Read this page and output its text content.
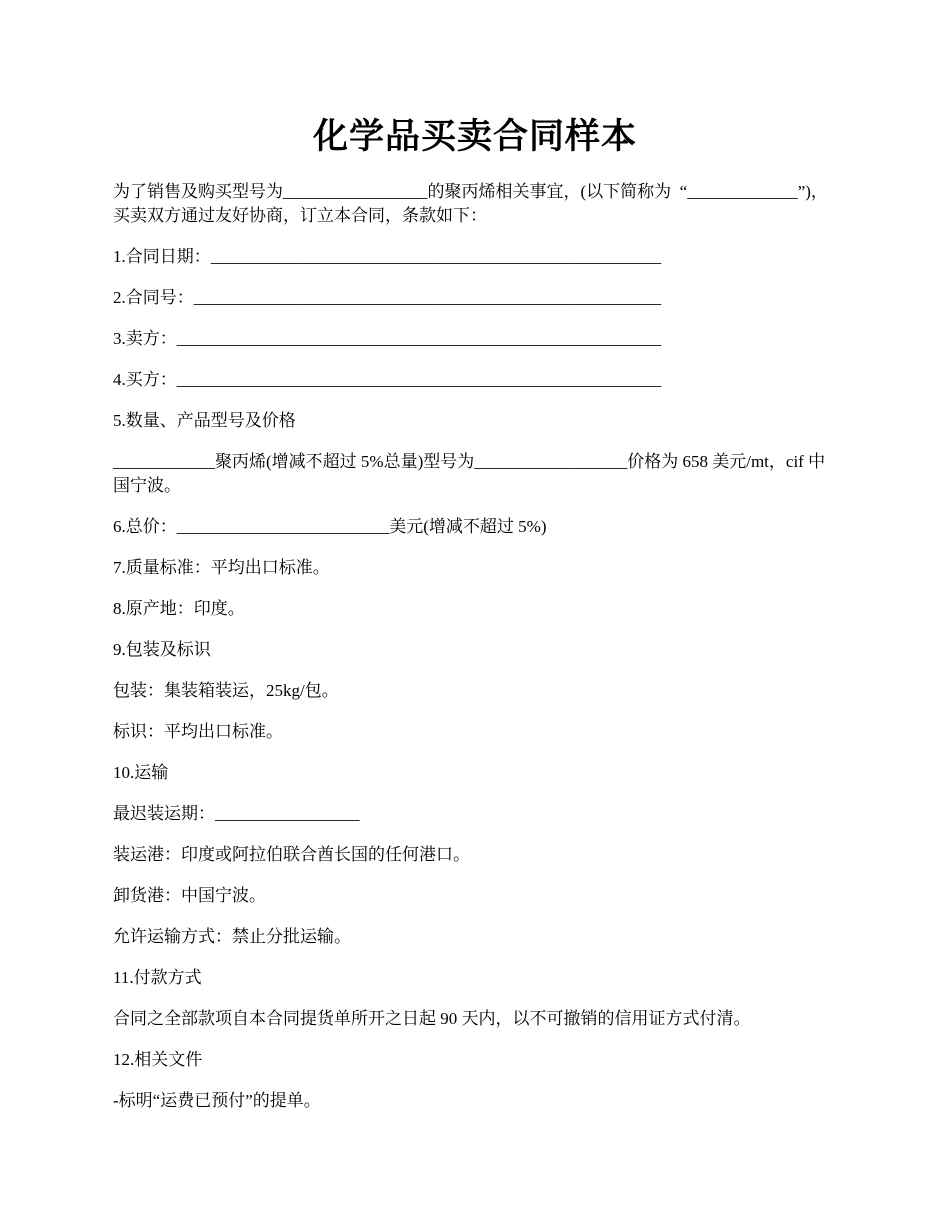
化学品买卖合同样本

为了销售及购买型号为_________________的聚丙烯相关事宜，(以下简称为  “_____________”)，买卖双方通过友好协商，订立本合同，条款如下：

1.合同日期：_____________________________________________________

2.合同号：_______________________________________________________

3.卖方：_________________________________________________________

4.买方：_________________________________________________________

5.数量、产品型号及价格

____________聚丙烯(增减不超过 5%总量)型号为__________________价格为 658 美元/mt，cif 中国宁波。

6.总价：_________________________美元(增减不超过 5%)

7.质量标准：平均出口标准。

8.原产地：印度。

9.包装及标识

包装：集装箱装运，25kg/包。

标识：平均出口标准。

10.运输

最迟装运期：_________________

装运港：印度或阿拉伯联合酋长国的任何港口。

卸货港：中国宁波。

允许运输方式：禁止分批运输。

11.付款方式

合同之全部款项自本合同提货单所开之日起 90 天内，以不可撤销的信用证方式付清。

12.相关文件

-标明“运费已预付”的提单。
